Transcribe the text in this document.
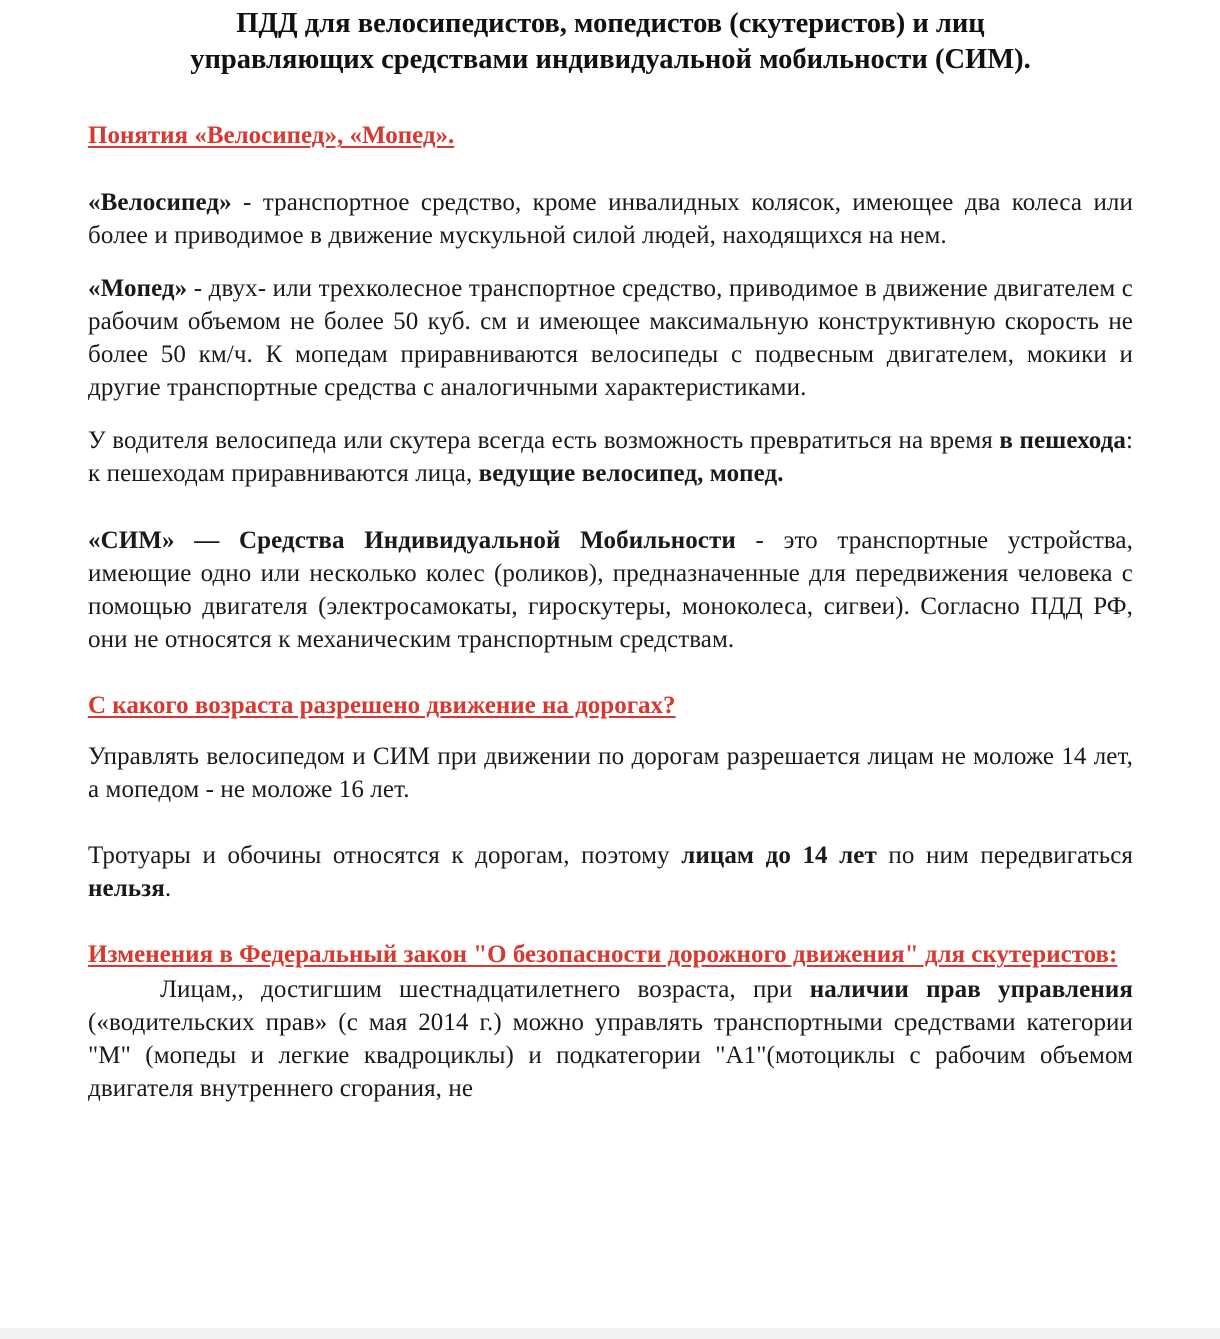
ПДД для велосипедистов, мопедистов (скутеристов) и лиц
управляющих средствами индивидуальной мобильности (СИМ).
Понятия «Велосипед», «Мопед».

«Велосипед» - транспортное средство, кроме инвалидных колясок, имеющее два колеса или более и приводимое в движение мускульной силой людей, находящихся на нем.

«Мопед» - двух- или трехколесное транспортное средство, приводимое в движение двигателем с рабочим объемом не более 50 куб. см и имеющее максимальную конструктивную скорость не более 50 км/ч. К мопедам приравниваются велосипеды с подвесным двигателем, мокики и другие транспортные средства с аналогичными характеристиками.

У водителя велосипеда или скутера всегда есть возможность превратиться на время в пешехода: к пешеходам приравниваются лица, ведущие велосипед, мопед.

«СИМ» — Средства Индивидуальной Мобильности - это транспортные устройства, имеющие одно или несколько колес (роликов), предназначенные для передвижения человека с помощью двигателя (электросамокаты, гироскутеры, моноколеса, сигвеи). Согласно ПДД РФ, они не относятся к механическим транспортным средствам.

С какого возраста разрешено движение на дорогах?

Управлять велосипедом и СИМ при движении по дорогам разрешается лицам не моложе 14 лет, а мопедом - не моложе 16 лет.

Тротуары и обочины относятся к дорогам, поэтому лицам до 14 лет по ним передвигаться нельзя.

Изменения в Федеральный закон "О безопасности дорожного движения" для скутеристов:

Лицам,, достигшим шестнадцатилетнего возраста, при наличии прав управления («водительских прав» (с мая 2014 г.) можно управлять транспортными средствами категории "М" (мопеды и легкие квадроциклы) и подкатегории "А1"(мотоциклы с рабочим объемом двигателя внутреннего сгорания, не
